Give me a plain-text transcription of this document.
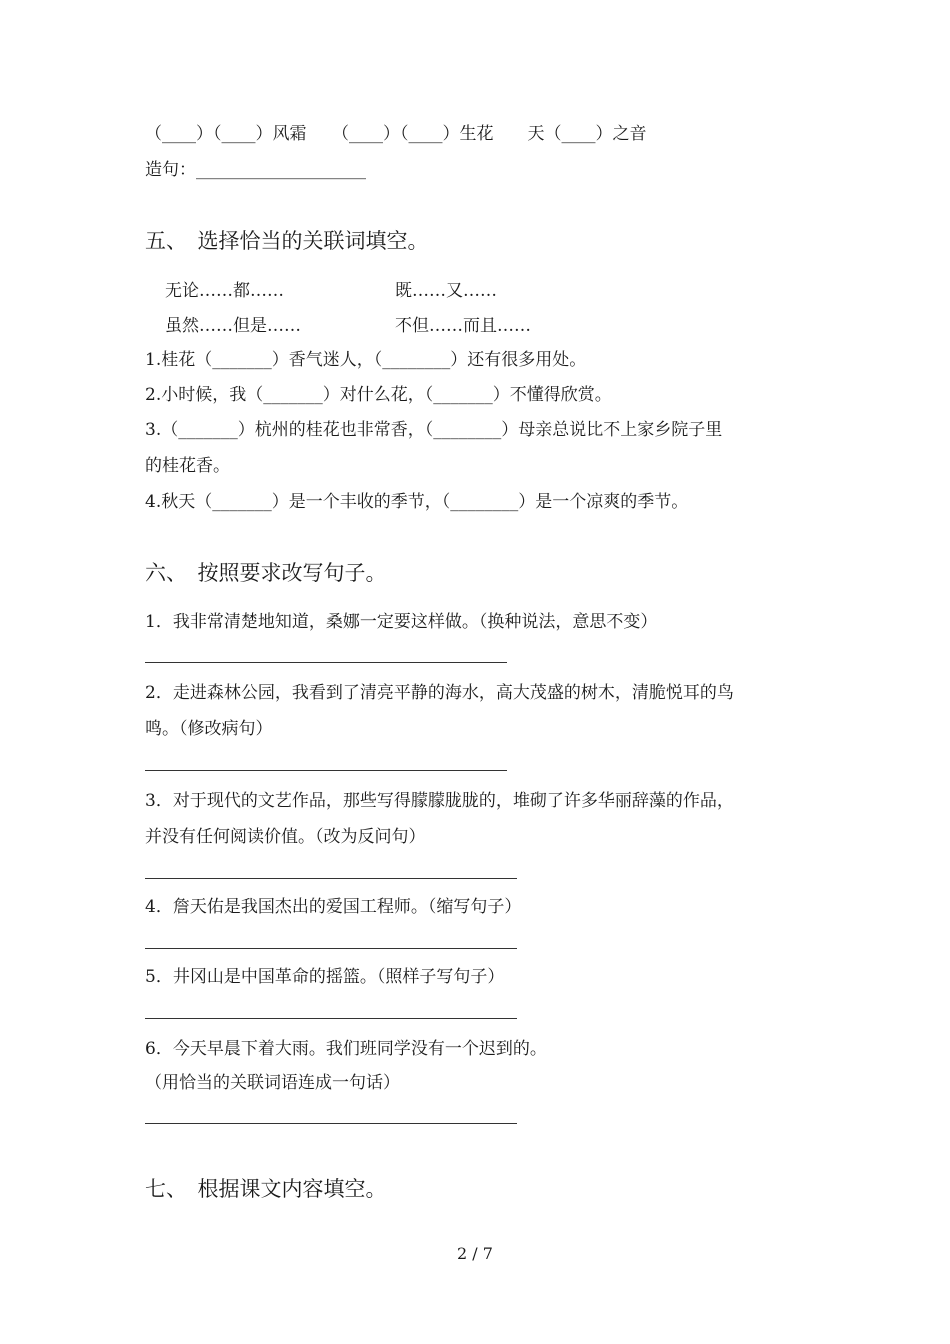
（____）（____）风霜　　（____）（____）生花　　天（____）之音
造句：____________________
五、　选择恰当的关联词填空。
无论……都……	既……又……
虽然……但是……	不但……而且……
1.桂花（_______）香气迷人，（________）还有很多用处。
2.小时候，我（_______）对什么花，（_______）不懂得欣赏。
3.（_______）杭州的桂花也非常香，（________）母亲总说比不上家乡院子里
的桂花香。
4.秋天（_______）是一个丰收的季节，（________）是一个凉爽的季节。
六、　按照要求改写句子。
1．我非常清楚地知道，桑娜一定要这样做。（换种说法，意思不变）
2．走进森林公园，我看到了清亮平静的海水，高大茂盛的树木，清脆悦耳的鸟
鸣。（修改病句）
3．对于现代的文艺作品，那些写得朦朦胧胧的，堆砌了许多华丽辞藻的作品，
并没有任何阅读价值。（改为反问句）
4．詹天佑是我国杰出的爱国工程师。（缩写句子）
5．井冈山是中国革命的摇篮。（照样子写句子）
6．今天早晨下着大雨。我们班同学没有一个迟到的。
（用恰当的关联词语连成一句话）
七、　根据课文内容填空。
2 / 7
